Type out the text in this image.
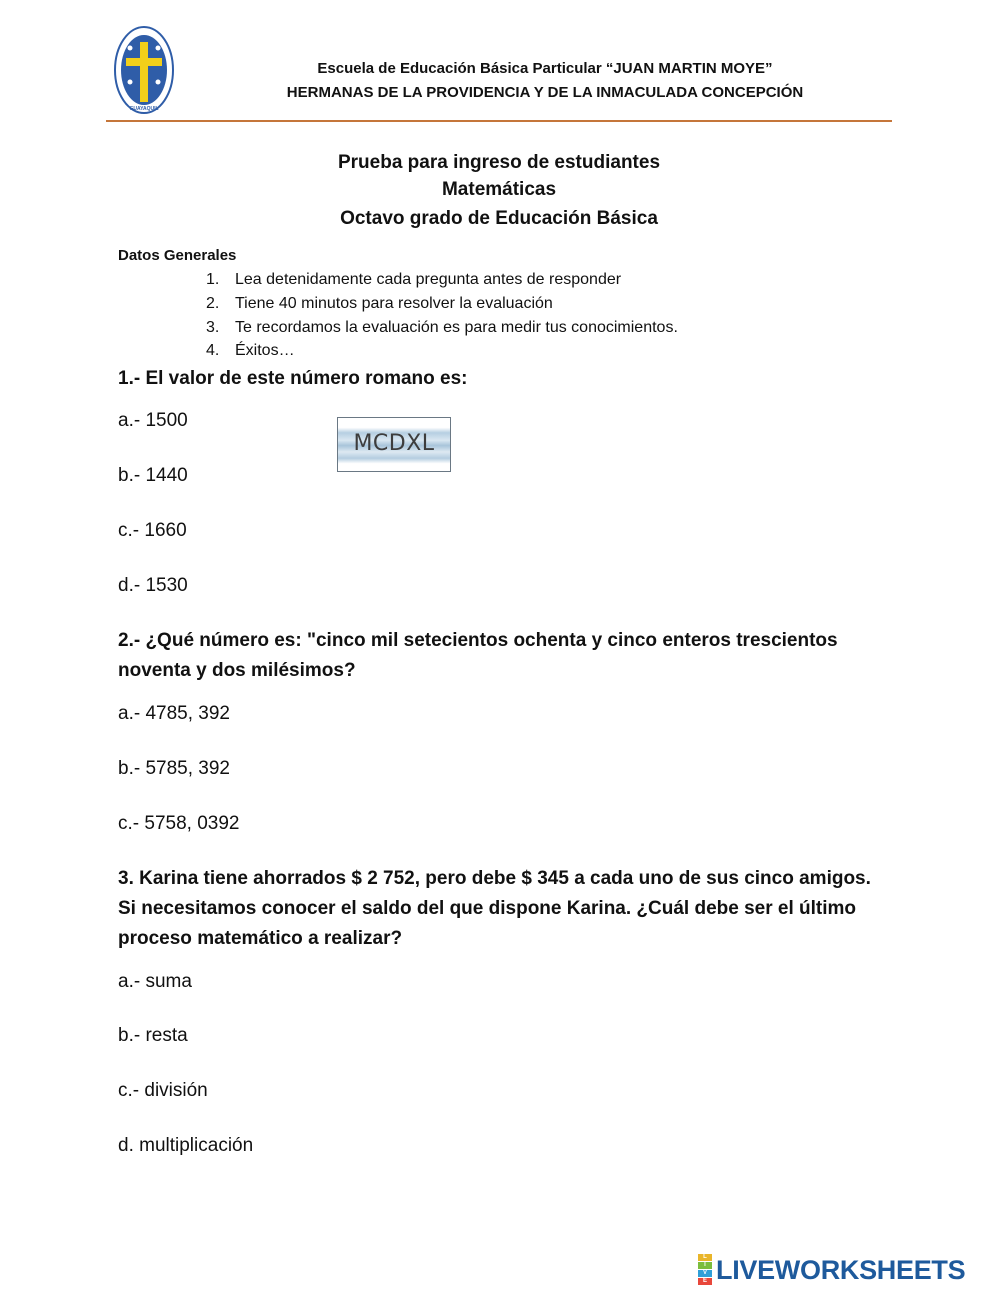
GUAYAQUIL
Escuela de Educación Básica Particular “JUAN MARTIN MOYE”
HERMANAS DE LA PROVIDENCIA Y DE LA INMACULADA CONCEPCIÓN
Prueba para ingreso de estudiantes
Matemáticas
Octavo grado de Educación Básica
Datos Generales
1. Lea detenidamente cada pregunta antes de responder
2. Tiene 40 minutos para resolver la evaluación
3. Te recordamos la evaluación es para medir tus conocimientos.
4. Éxitos…
1.- El valor de este número romano es:
a.- 1500
b.- 1440
c.- 1660
d.- 1530
MCDXL
2.- ¿Qué número es: "cinco mil setecientos ochenta y cinco enteros trescientos noventa y dos milésimos?
a.- 4785, 392
b.- 5785, 392
c.- 5758, 0392
3. Karina tiene ahorrados $ 2 752, pero debe $ 345 a cada uno de sus cinco amigos. Si necesitamos conocer el saldo del que dispone Karina. ¿Cuál debe ser el último proceso matemático a realizar?
a.- suma
b.- resta
c.- división
d. multiplicación
L
I
V
E LIVEWORKSHEETS
